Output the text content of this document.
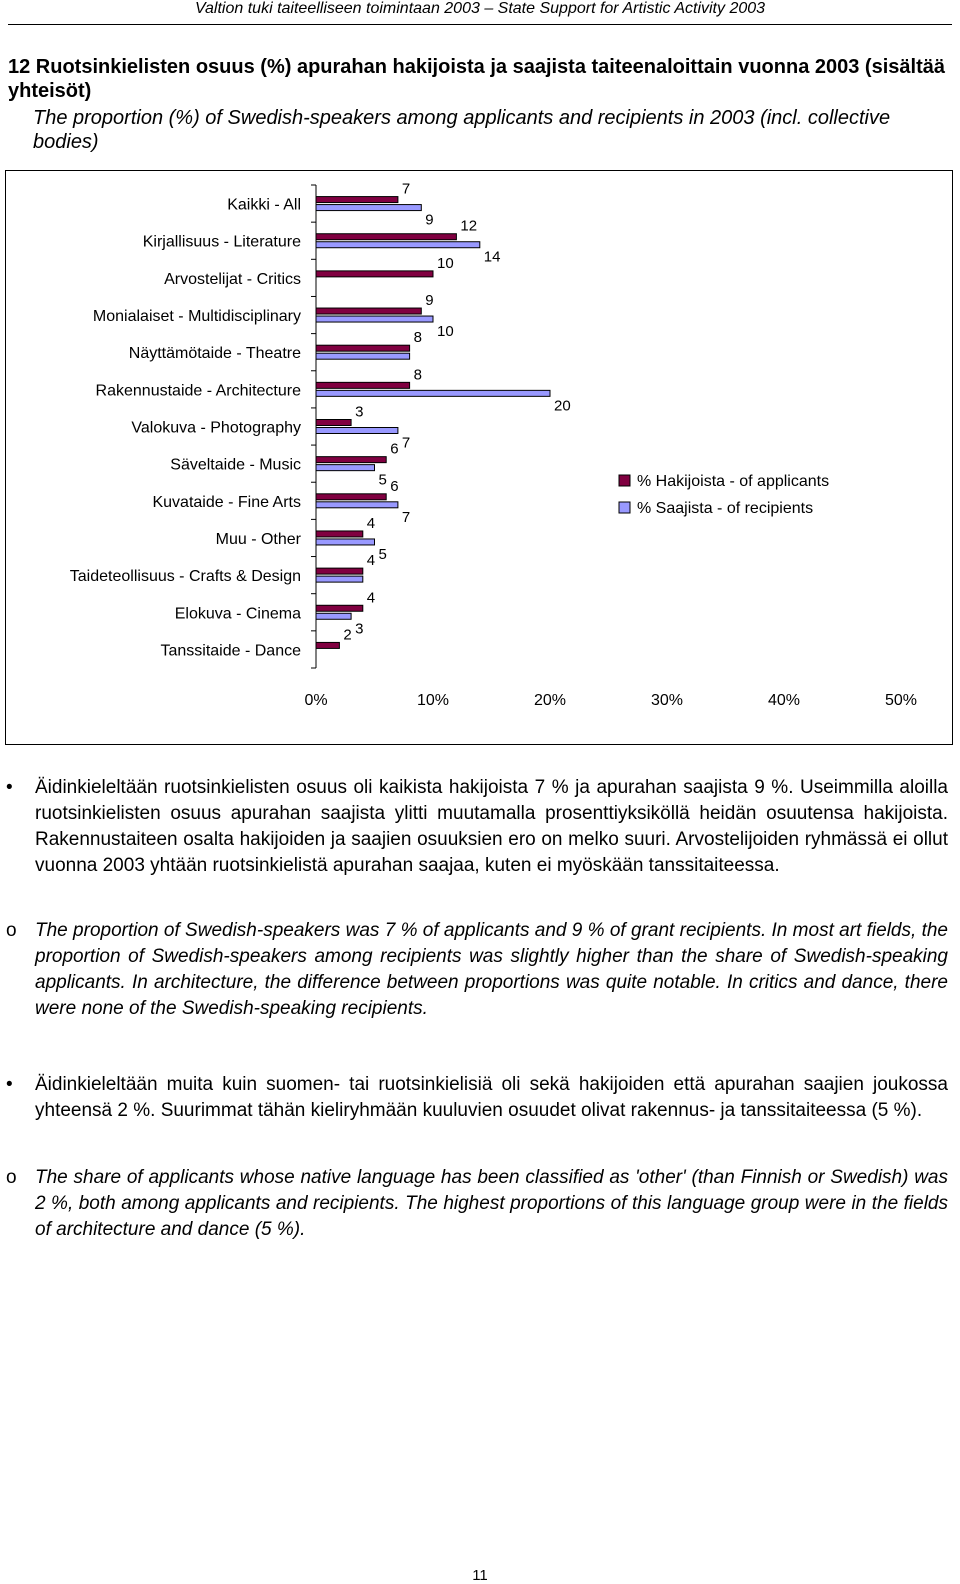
Valtion tuki taiteelliseen toimintaan 2003 – State Support for Artistic Activity 2003
12 Ruotsinkielisten osuus (%) apurahan hakijoista ja saajista taiteenaloittain vuonna 2003 (sisältää yhteisöt)
The proportion (%) of Swedish-speakers among applicants and recipients in 2003 (incl. collective bodies)
Kaikki - All
7
9
Kirjallisuus - Literature
12
14
Arvostelijat - Critics
10
Monialaiset - Multidisciplinary
9
10
Näyttämötaide - Theatre
8
Rakennustaide - Architecture
8
20
Valokuva - Photography
3
7
Säveltaide - Music
6
5
Kuvataide - Fine Arts
6
7
Muu - Other
4
5
Taideteollisuus - Crafts & Design
4
Elokuva - Cinema
4
3
Tanssitaide - Dance
2
0%	10%	20%	30%	40%	50%
% Hakijoista - of applicants
% Saajista - of recipients
•	Äidinkieleltään ruotsinkielisten osuus oli kaikista hakijoista 7 % ja apurahan saajista 9 %. Useimmilla aloilla ruotsinkielisten osuus apurahan saajista ylitti muutamalla prosenttiyksiköllä heidän osuutensa hakijoista. Rakennustaiteen osalta hakijoiden ja saajien osuuksien ero on melko suuri. Arvostelijoiden ryhmässä ei ollut vuonna 2003 yhtään ruotsinkielistä apurahan saajaa, kuten ei myöskään tanssitaiteessa.
o The proportion of Swedish-speakers was 7 % of applicants and 9 % of grant recipients. In most art fields, the proportion of Swedish-speakers among recipients was slightly higher than the share of Swedish-speaking applicants. In architecture, the difference between proportions was quite notable. In critics and dance, there were none of the Swedish-speaking recipients.
•	Äidinkieleltään muita kuin suomen- tai ruotsinkielisiä oli sekä hakijoiden että apurahan saajien joukossa yhteensä 2 %. Suurimmat tähän kieliryhmään kuuluvien osuudet olivat rakennus- ja tanssitaiteessa (5 %).
o The share of applicants whose native language has been classified as 'other' (than Finnish or Swedish) was 2 %, both among applicants and recipients. The highest proportions of this language group were in the fields of architecture and dance (5 %).
11
